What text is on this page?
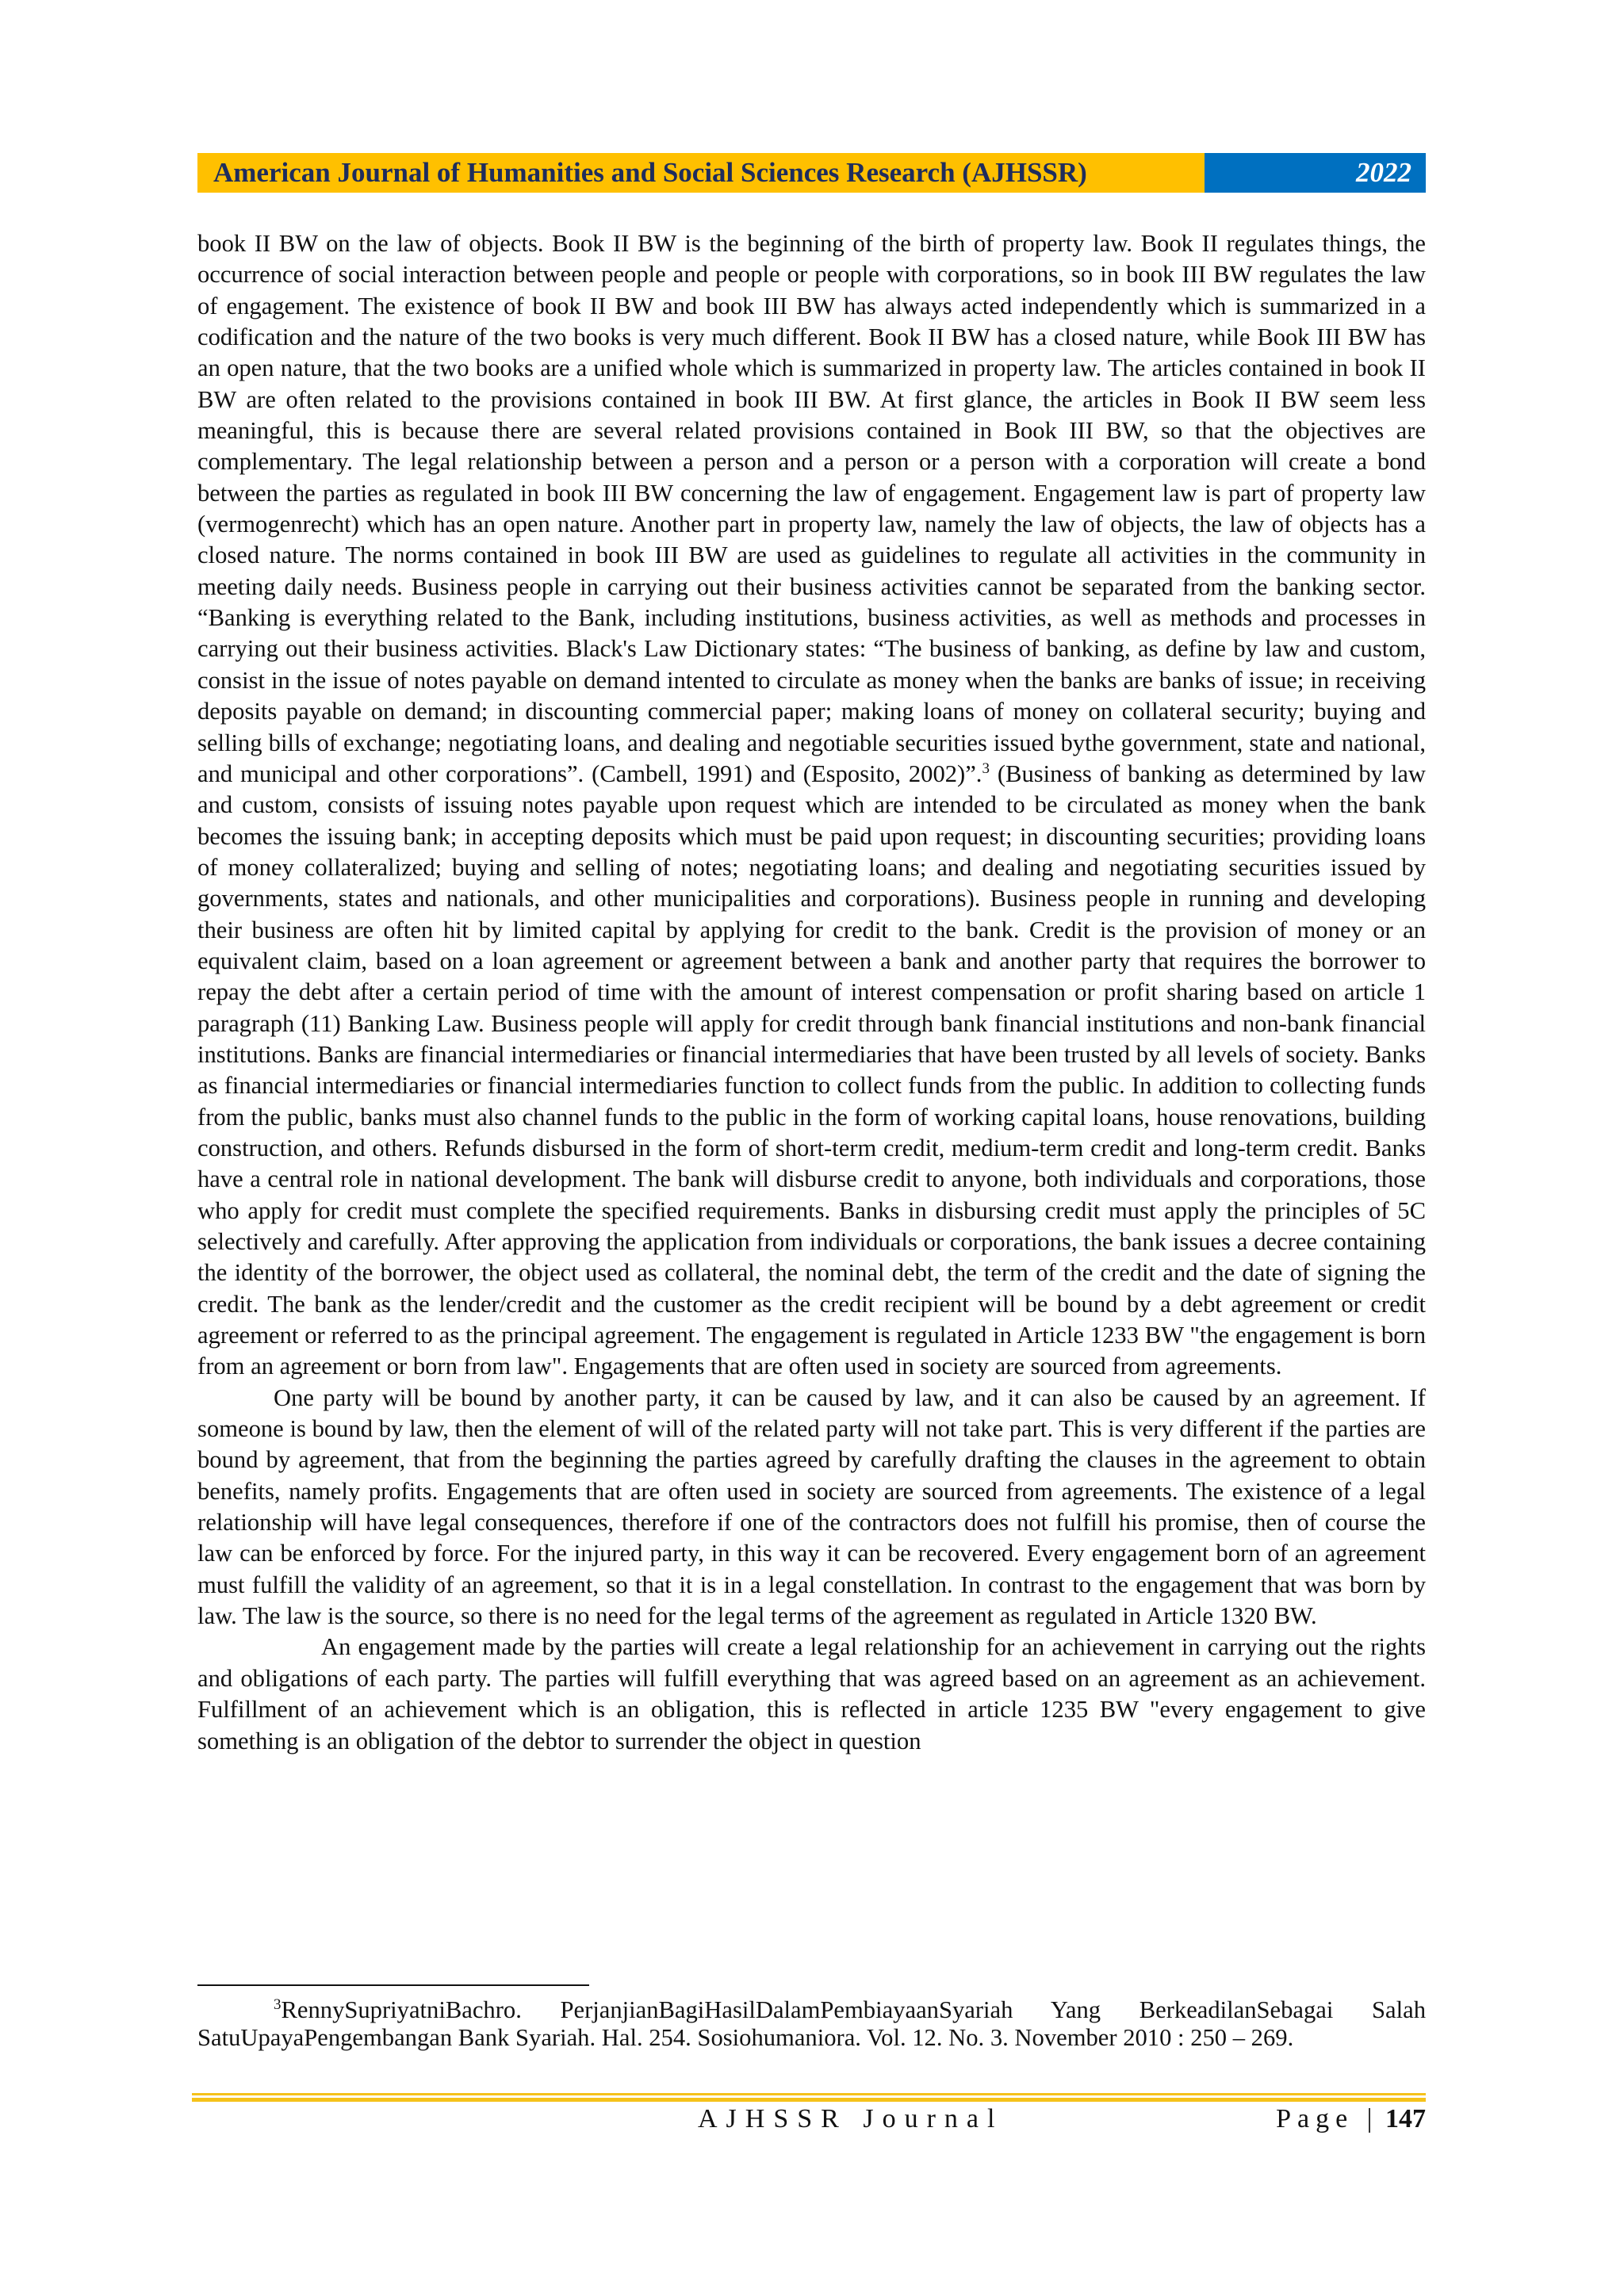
American Journal of Humanities and Social Sciences Research (AJHSSR)	2022

book II BW on the law of objects. Book II BW is the beginning of the birth of property law. Book II regulates things, the occurrence of social interaction between people and people or people with corporations, so in book III BW regulates the law of engagement. The existence of book II BW and book III BW has always acted independently which is summarized in a codification and the nature of the two books is very much different. Book II BW has a closed nature, while Book III BW has an open nature, that the two books are a unified whole which is summarized in property law. The articles contained in book II BW are often related to the provisions contained in book III BW. At first glance, the articles in Book II BW seem less meaningful, this is because there are several related provisions contained in Book III BW, so that the objectives are complementary. The legal relationship between a person and a person or a person with a corporation will create a bond between the parties as regulated in book III BW concerning the law of engagement. Engagement law is part of property law (vermogenrecht) which has an open nature. Another part in property law, namely the law of objects, the law of objects has a closed nature. The norms contained in book III BW are used as guidelines to regulate all activities in the community in meeting daily needs. Business people in carrying out their business activities cannot be separated from the banking sector. “Banking is everything related to the Bank, including institutions, business activities, as well as methods and processes in carrying out their business activities. Black's Law Dictionary states: “The business of banking, as define by law and custom, consist in the issue of notes payable on demand intented to circulate as money when the banks are banks of issue; in receiving deposits payable on demand; in discounting commercial paper; making loans of money on collateral security; buying and selling bills of exchange; negotiating loans, and dealing and negotiable securities issued bythe government, state and national, and municipal and other corporations”. (Cambell, 1991) and (Esposito, 2002)”.$^3$ (Business of banking as determined by law and custom, consists of issuing notes payable upon request which are intended to be circulated as money when the bank becomes the issuing bank; in accepting deposits which must be paid upon request; in discounting securities; providing loans of money collateralized; buying and selling of notes; negotiating loans; and dealing and negotiating securities issued by governments, states and nationals, and other municipalities and corporations). Business people in running and developing their business are often hit by limited capital by applying for credit to the bank. Credit is the provision of money or an equivalent claim, based on a loan agreement or agreement between a bank and another party that requires the borrower to repay the debt after a certain period of time with the amount of interest compensation or profit sharing based on article 1 paragraph (11) Banking Law. Business people will apply for credit through bank financial institutions and non-bank financial institutions. Banks are financial intermediaries or financial intermediaries that have been trusted by all levels of society. Banks as financial intermediaries or financial intermediaries function to collect funds from the public. In addition to collecting funds from the public, banks must also channel funds to the public in the form of working capital loans, house renovations, building construction, and others. Refunds disbursed in the form of short-term credit, medium-term credit and long-term credit. Banks have a central role in national development. The bank will disburse credit to anyone, both individuals and corporations, those who apply for credit must complete the specified requirements. Banks in disbursing credit must apply the principles of 5C selectively and carefully. After approving the application from individuals or corporations, the bank issues a decree containing the identity of the borrower, the object used as collateral, the nominal debt, the term of the credit and the date of signing the credit. The bank as the lender/credit and the customer as the credit recipient will be bound by a debt agreement or credit agreement or referred to as the principal agreement. The engagement is regulated in Article 1233 BW "the engagement is born from an agreement or born from law". Engagements that are often used in society are sourced from agreements.

One party will be bound by another party, it can be caused by law, and it can also be caused by an agreement. If someone is bound by law, then the element of will of the related party will not take part. This is very different if the parties are bound by agreement, that from the beginning the parties agreed by carefully drafting the clauses in the agreement to obtain benefits, namely profits. Engagements that are often used in society are sourced from agreements. The existence of a legal relationship will have legal consequences, therefore if one of the contractors does not fulfill his promise, then of course the law can be enforced by force. For the injured party, in this way it can be recovered. Every engagement born of an agreement must fulfill the validity of an agreement, so that it is in a legal constellation. In contrast to the engagement that was born by law. The law is the source, so there is no need for the legal terms of the agreement as regulated in Article 1320 BW.

An engagement made by the parties will create a legal relationship for an achievement in carrying out the rights and obligations of each party. The parties will fulfill everything that was agreed based on an agreement as an achievement. Fulfillment of an achievement which is an obligation, this is reflected in article 1235 BW "every engagement to give something is an obligation of the debtor to surrender the object in question

$^3$RennySupriyatniBachro. PerjanjianBagiHasilDalamPembiayaanSyariah Yang BerkeadilanSebagai Salah SatuUpayaPengembangan Bank Syariah. Hal. 254. Sosiohumaniora. Vol. 12. No. 3. November 2010 : 250 – 269.
AJHSSR Journal	Page | 147
